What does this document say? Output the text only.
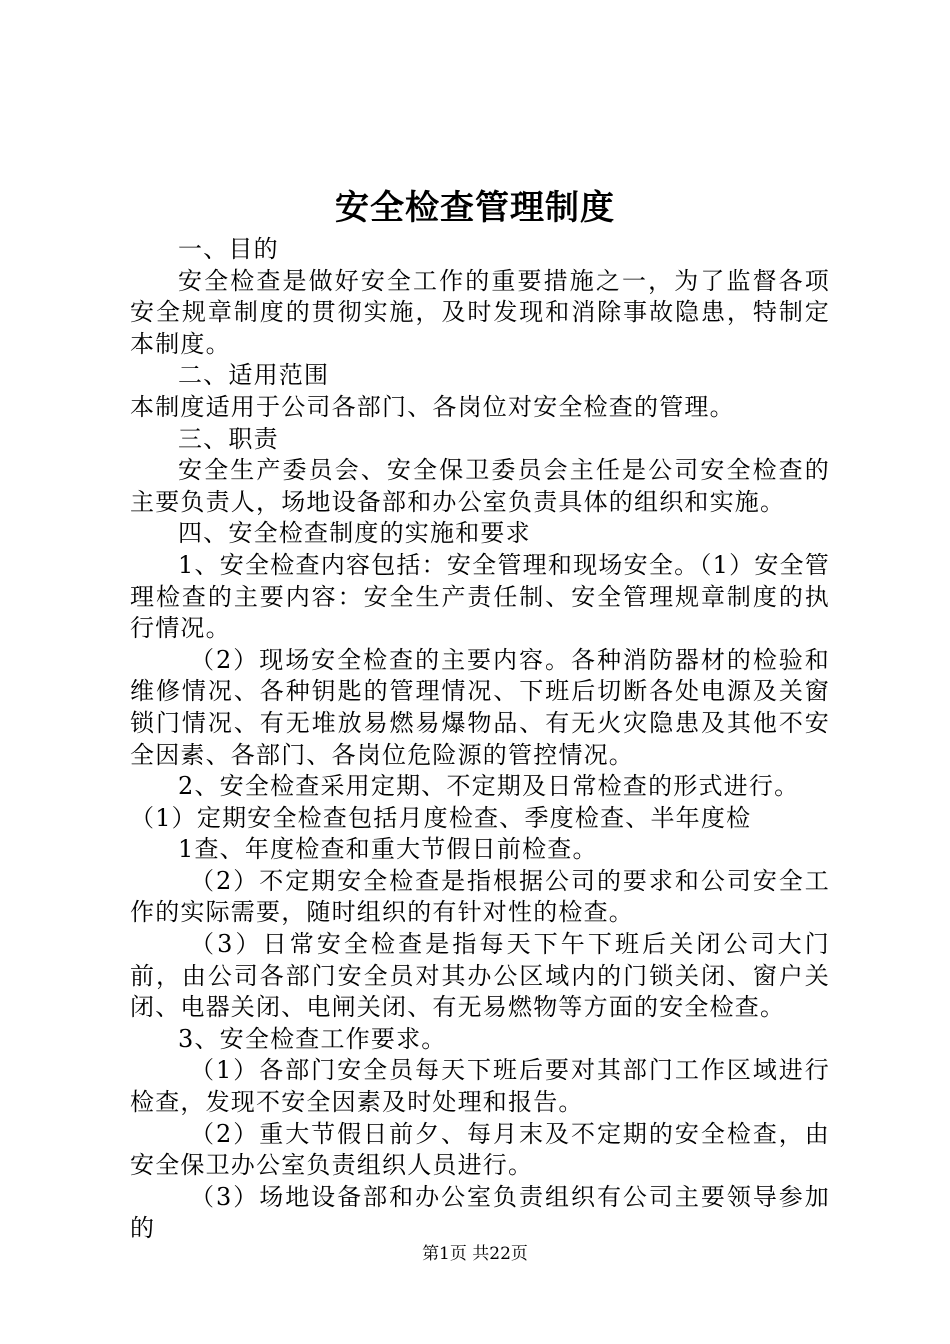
安全检查管理制度

一、目的

安全检查是做好安全工作的重要措施之一，为了监督各项安全规章制度的贯彻实施，及时发现和消除事故隐患，特制定本制度。

二、适用范围

本制度适用于公司各部门、各岗位对安全检查的管理。

三、职责

安全生产委员会、安全保卫委员会主任是公司安全检查的主要负责人，场地设备部和办公室负责具体的组织和实施。

四、安全检查制度的实施和要求

1、安全检查内容包括：安全管理和现场安全。（1）安全管理检查的主要内容：安全生产责任制、安全管理规章制度的执行情况。

（2）现场安全检查的主要内容。各种消防器材的检验和维修情况、各种钥匙的管理情况、下班后切断各处电源及关窗锁门情况、有无堆放易燃易爆物品、有无火灾隐患及其他不安全因素、各部门、各岗位危险源的管控情况。

2、安全检查采用定期、不定期及日常检查的形式进行。

（1）定期安全检查包括月度检查、季度检查、半年度检

1查、年度检查和重大节假日前检查。

（2）不定期安全检查是指根据公司的要求和公司安全工作的实际需要，随时组织的有针对性的检查。

（3）日常安全检查是指每天下午下班后关闭公司大门前，由公司各部门安全员对其办公区域内的门锁关闭、窗户关闭、电器关闭、电闸关闭、有无易燃物等方面的安全检查。

3、安全检查工作要求。

（1）各部门安全员每天下班后要对其部门工作区域进行检查，发现不安全因素及时处理和报告。

（2）重大节假日前夕、每月末及不定期的安全检查，由安全保卫办公室负责组织人员进行。

（3）场地设备部和办公室负责组织有公司主要领导参加的

第1页 共22页
